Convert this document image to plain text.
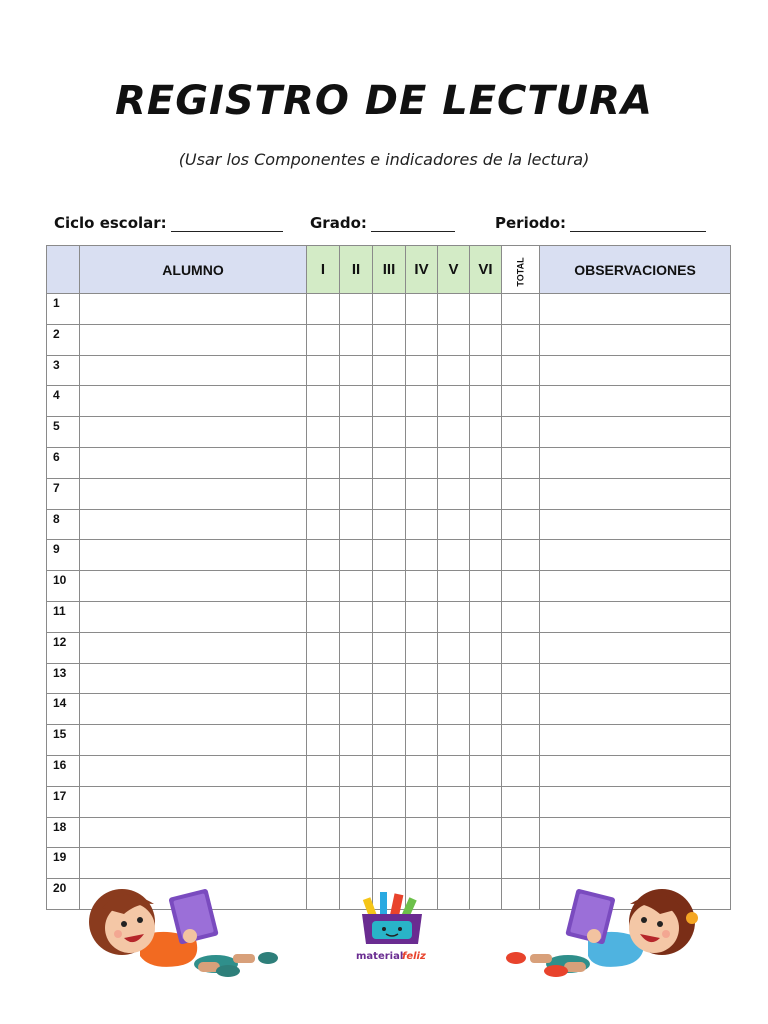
REGISTRO DE LECTURA
(Usar los Componentes e indicadores de la lectura)
Ciclo escolar:	Grado:	Periodo:
	ALUMNO	I	II	III	IV	V	VI	TOTAL	OBSERVACIONES
1									
2									
3									
4									
5									
6									
7									
8									
9									
10									
11									
12									
13									
14									
15									
16									
17									
18									
19									
20									
material
feliz
